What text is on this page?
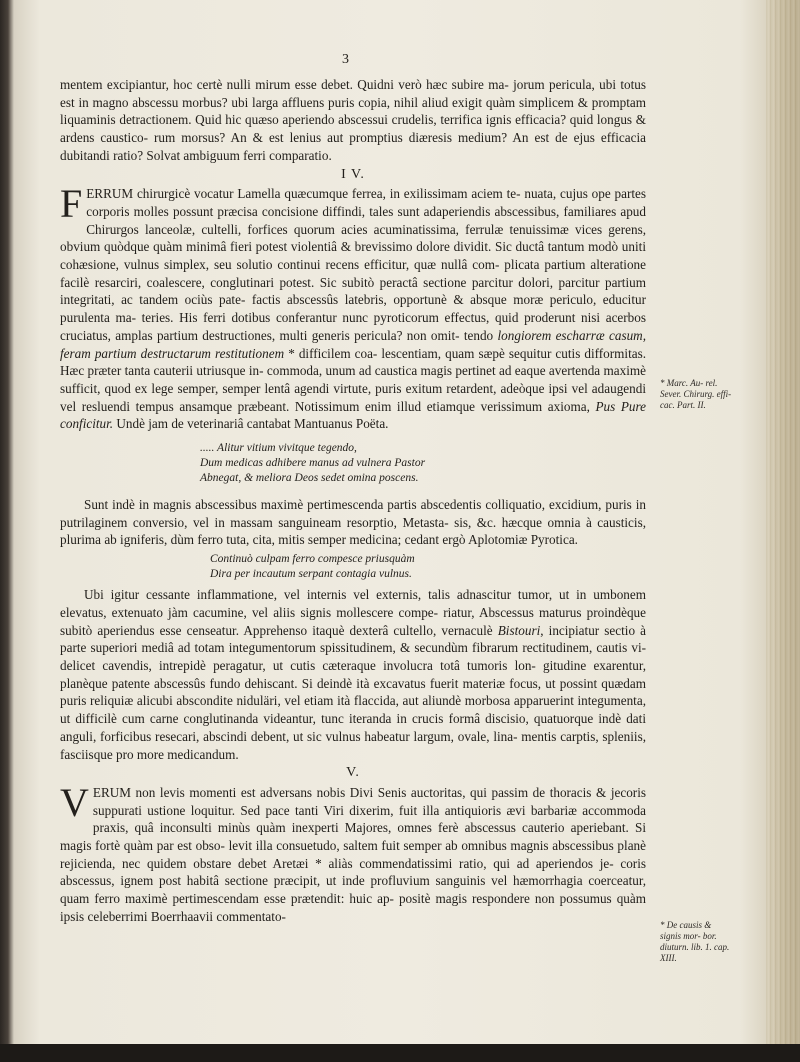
3

mentem excipiantur, hoc certè nulli mirum esse debet. Quidni verò hæc subire ma- jorum pericula, ubi totus est in magno abscessu morbus? ubi larga affluens puris copia, nihil aliud exigit quàm simplicem & promptam liquaminis detractionem. Quid hic quæso aperiendo abscessui crudelis, terrifica ignis efficacia? quid longus & ardens caustico- rum morsus? An & est lenius aut promptius diæresis medium? An est de ejus efficacia dubitandi ratio? Solvat ambiguum ferri comparatio.

I V.

FERRUM chirurgicè vocatur Lamella quæcumque ferrea, in exilissimam aciem te- nuata, cujus ope partes corporis molles possunt præcisa concisione diffindi, tales sunt adaperiendis abscessibus, familiares apud Chirurgos lanceolæ, cultelli, forfices quorum acies acuminatissima, ferrulæ tenuissimæ vices gerens, obvium quòdque quàm minimâ fieri potest violentiâ & brevissimo dolore dividit. Sic ductâ tantum modò uniti cohæsione, vulnus simplex, seu solutio continui recens efficitur, quæ nullâ com- plicata partium alteratione facilè resarciri, coalescere, conglutinari potest. Sic subitò peractâ sectione parcitur dolori, parcitur partium integritati, ac tandem ociùs pate- factis abscessûs latebris, opportunè & absque moræ periculo, educitur purulenta ma- teries. His ferri dotibus conferantur nunc pyroticorum effectus, quid proderunt nisi acerbos cruciatus, amplas partium destructiones, multi generis pericula? non omit- tendo longiorem escharræ casum, feram partium destructarum restitutionem * difficilem coa- lescentiam, quam sæpè sequitur cutis difformitas. Hæc præter tanta cauterii utriusque in- commoda, unum ad caustica magis pertinet ad eaque avertenda maximè sufficit, quod ex lege semper, semper lentâ agendi virtute, puris exitum retardent, adeòque ipsi vel adaugendi vel resluendi tempus ansamque præbeant. Notissimum enim illud etiamque verissimum axioma, Pus Pure conficitur. Undè jam de veterinariâ cantabat Mantuanus Poëta.

..... Alitur vitium vivitque tegendo,
Dum medicas adhibere manus ad vulnera Pastor
Abnegat, & meliora Deos sedet omina poscens.

Sunt indè in magnis abscessibus maximè pertimescenda partis abscedentis colliquatio, excidium, puris in putrilaginem conversio, vel in massam sanguineam resorptio, Metasta- sis, &c. hæcque omnia à causticis, plurima ab igniferis, dùm ferro tuta, cita, mitis semper medicina; cedant ergò Aplotomiæ Pyrotica.

Continuò culpam ferro compesce priusquàm
Dira per incautum serpant contagia vulnus.

Ubi igitur cessante inflammatione, vel internis vel externis, talis adnascitur tumor, ut in umbonem elevatus, extenuato jàm cacumine, vel aliis signis mollescere compe- riatur, Abscessus maturus proindèque subitò aperiendus esse censeatur. Apprehenso itaquè dexterâ cultello, vernaculè Bistouri, incipiatur sectio à parte superiori mediâ ad totam integumentorum spissitudinem, & secundùm fibrarum rectitudinem, cautis vi- delicet cavendis, intrepidè peragatur, ut cutis cæteraque involucra totâ tumoris lon- gitudine exarentur, planèque patente abscessûs fundo dehiscant. Si deindè ità excavatus fuerit materiæ focus, ut possint quædam puris reliquiæ alicubi abscondite niduläri, vel etiam ità flaccida, aut aliundè morbosa apparuerint integumenta, ut difficilè cum carne conglutinanda videantur, tunc iteranda in crucis formâ discisio, quatuorque indè dati anguli, forficibus resecari, abscindi debent, ut sic vulnus habeatur largum, ovale, lina- mentis carptis, spleniis, fasciisque pro more medicandum.

V.

VERUM non levis momenti est adversans nobis Divi Senis auctoritas, qui passim de thoracis & jecoris suppurati ustione loquitur. Sed pace tanti Viri dixerim, fuit illa antiquioris ævi barbariæ accommoda praxis, quâ inconsulti minùs quàm inexperti Majores, omnes ferè abscessus cauterio aperiebant. Si magis fortè quàm par est obso- levit illa consuetudo, saltem fuit semper ab omnibus magnis abscessibus planè rejicienda, nec quidem obstare debet Aretæi * aliàs commendatissimi ratio, qui ad aperiendos je- coris abscessus, ignem post habitâ sectione præcipit, ut inde profluvium sanguinis vel hæmorrhagia coerceatur, quam ferro maximè pertimescendam esse prætendit: huic ap- positè magis respondere non possumus quàm ipsis celeberrimi Boerrhaavii commentato-

* Marc. Au- rel. Sever. Chirurg. effi- cac. Part. II.
* De causis & signis mor- bor. diuturn. lib. 1. cap. XIII.
